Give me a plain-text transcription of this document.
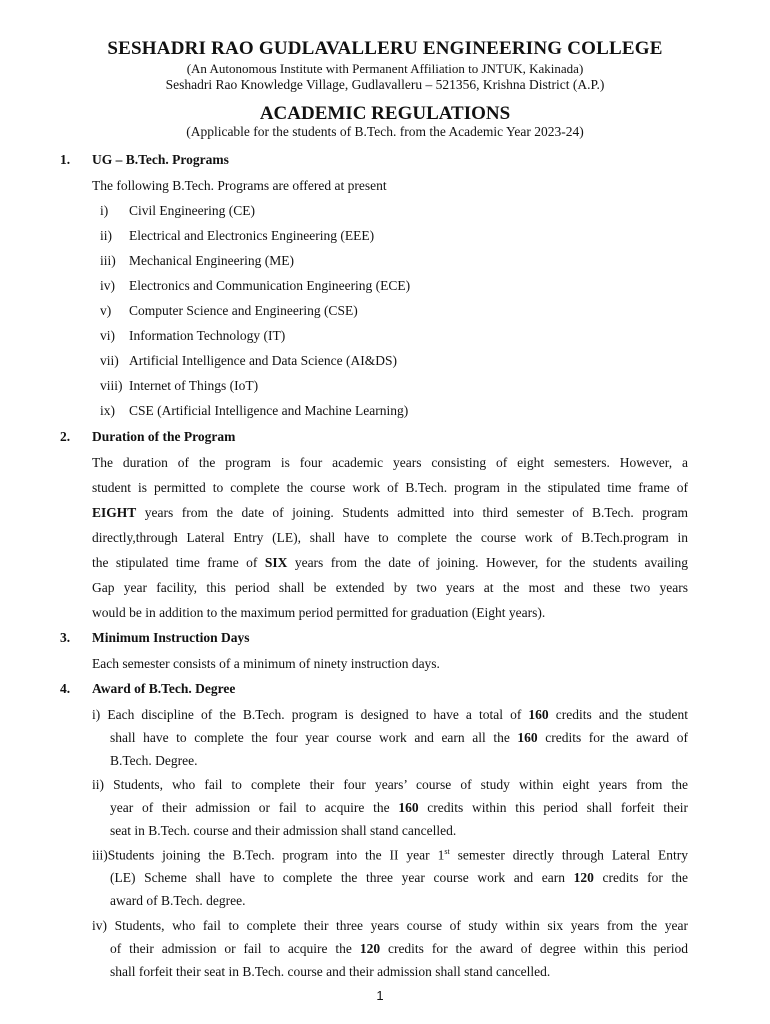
SESHADRI RAO GUDLAVALLERU ENGINEERING COLLEGE
(An Autonomous Institute with Permanent Affiliation to JNTUK, Kakinada)
Seshadri Rao Knowledge Village, Gudlavalleru – 521356, Krishna District (A.P.)
ACADEMIC REGULATIONS
(Applicable for the students of B.Tech. from the Academic Year 2023-24)
1. UG – B.Tech. Programs
The following B.Tech. Programs are offered at present
i) Civil Engineering (CE)
ii) Electrical and Electronics Engineering (EEE)
iii) Mechanical Engineering (ME)
iv) Electronics and Communication Engineering (ECE)
v) Computer Science and Engineering (CSE)
vi) Information Technology (IT)
vii) Artificial Intelligence and Data Science (AI&DS)
viii) Internet of Things (IoT)
ix) CSE (Artificial Intelligence and Machine Learning)
2. Duration of the Program
The duration of the program is four academic years consisting of eight semesters. However, a
student is permitted to complete the course work of B.Tech. program in the stipulated time frame of
EIGHT years from the date of joining. Students admitted into third semester of B.Tech. program
directly,through Lateral Entry (LE), shall have to complete the course work of B.Tech.program in
the stipulated time frame of SIX years from the date of joining. However, for the students availing
Gap year facility, this period shall be extended by two years at the most and these two years
would be in addition to the maximum period permitted for graduation (Eight years).
3. Minimum Instruction Days
Each semester consists of a minimum of ninety instruction days.
4. Award of B.Tech. Degree
i) Each discipline of the B.Tech. program is designed to have a total of 160 credits and the student
shall have to complete the four year course work and earn all the 160 credits for the award of
B.Tech. Degree.
ii) Students, who fail to complete their four years’ course of study within eight years from the
year of their admission or fail to acquire the 160 credits within this period shall forfeit their
seat in B.Tech. course and their admission shall stand cancelled.
iii)Students joining the B.Tech. program into the II year 1st semester directly through Lateral Entry
(LE) Scheme shall have to complete the three year course work and earn 120 credits for the
award of B.Tech. degree.
iv) Students, who fail to complete their three years course of study within six years from the year
of their admission or fail to acquire the 120 credits for the award of degree within this period
shall forfeit their seat in B.Tech. course and their admission shall stand cancelled.
1
